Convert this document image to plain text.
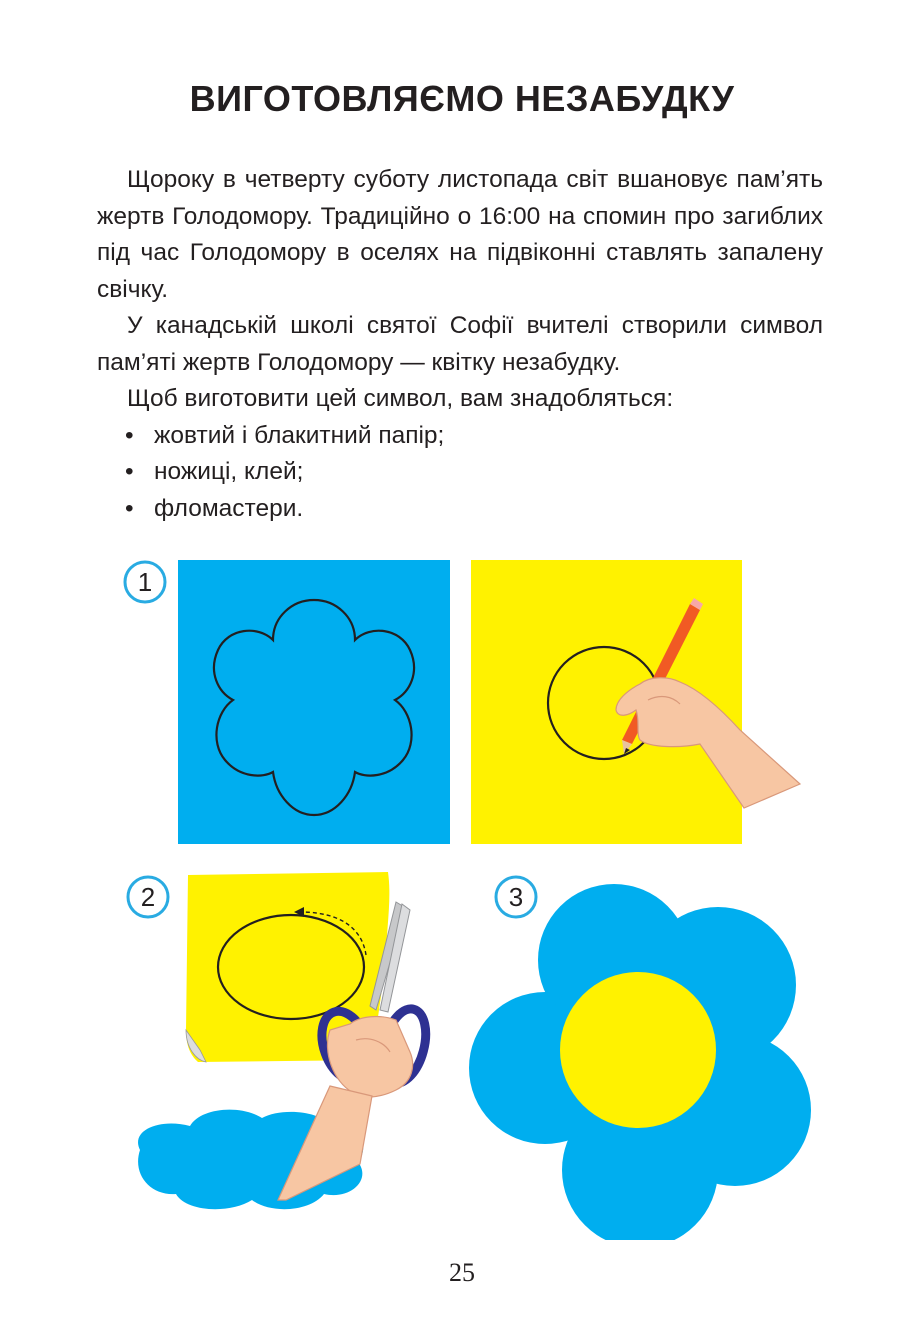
ВИГОТОВЛЯЄМО НЕЗАБУДКУ

Щороку в четверту суботу листопада світ вшановує пам’ять жертв Голодомору. Традиційно о 16:00 на спомин про загиблих під час Голодомору в оселях на підвіконні ставлять запалену свічку.

У канадській школі святої Софії вчителі створили символ пам’яті жертв Голодомору — квітку незабудку.

Щоб виготовити цей символ, вам знадобляться:

• жовтий і блакитний папір;
• ножиці, клей;
• фломастери.
1
2	3
25
